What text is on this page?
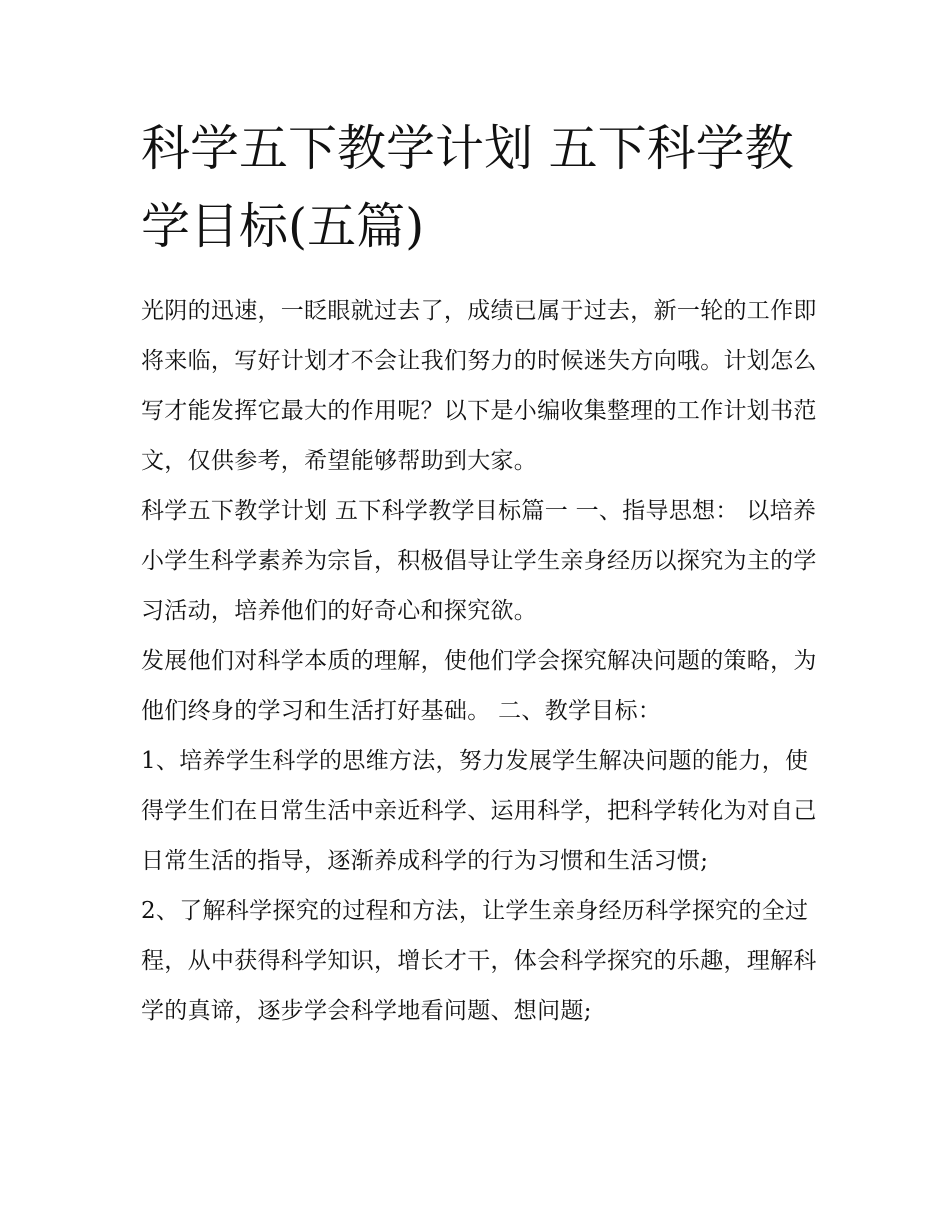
科学五下教学计划 五下科学教学目标(五篇)

光阴的迅速，一眨眼就过去了，成绩已属于过去，新一轮的工作即将来临，写好计划才不会让我们努力的时候迷失方向哦。计划怎么写才能发挥它最大的作用呢？以下是小编收集整理的工作计划书范文，仅供参考，希望能够帮助到大家。

科学五下教学计划 五下科学教学目标篇一 一、指导思想： 以培养小学生科学素养为宗旨，积极倡导让学生亲身经历以探究为主的学习活动，培养他们的好奇心和探究欲。

发展他们对科学本质的理解，使他们学会探究解决问题的策略，为他们终身的学习和生活打好基础。 二、教学目标：

1、培养学生科学的思维方法，努力发展学生解决问题的能力，使得学生们在日常生活中亲近科学、运用科学，把科学转化为对自己日常生活的指导，逐渐养成科学的行为习惯和生活习惯;

2、了解科学探究的过程和方法，让学生亲身经历科学探究的全过程，从中获得科学知识，增长才干，体会科学探究的乐趣，理解科学的真谛，逐步学会科学地看问题、想问题;
